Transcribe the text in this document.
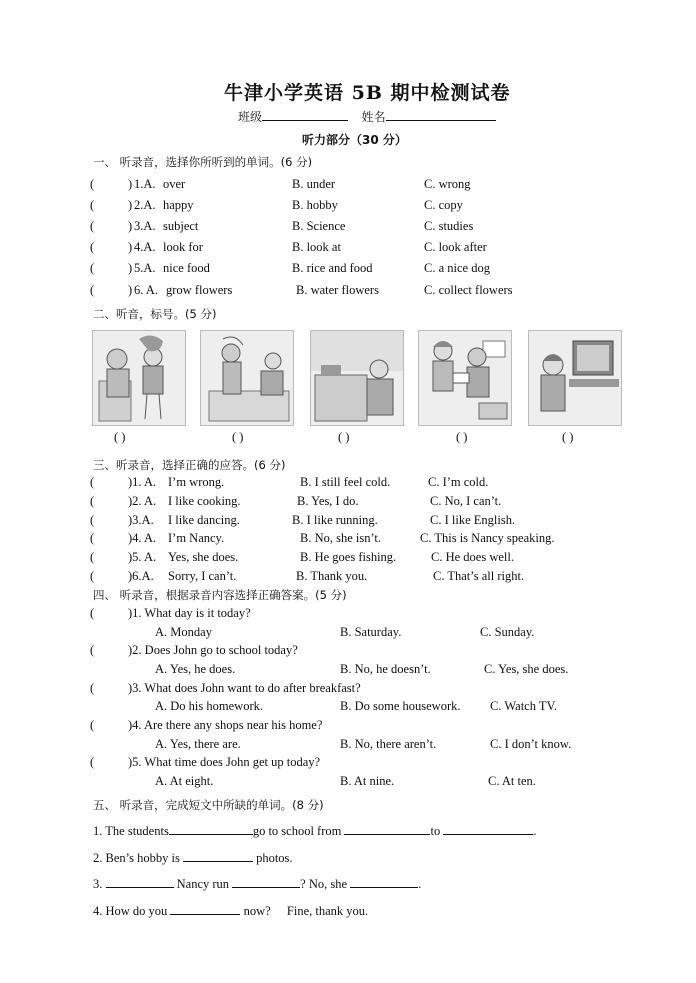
牛津小学英语 5B 期中检测试卷
班级	姓名
听力部分（30 分）
一、 听录音，选择你所听到的单词。(6 分)
(	) 1.A. over	B. under	C. wrong
(	) 2.A. happy	B. hobby	C. copy
(	) 3.A. subject	B. Science	C. studies
(	) 4.A. look for	B. look at	C. look after
(	) 5.A. nice food	B. rice and food	C. a nice dog
(	) 6. A. grow flowers	B. water flowers	C. collect flowers
二、听音，标号。(5 分)
( )	( )	( )	( )	( )
三、听录音，选择正确的应答。(6 分)
(	)1. A. I’m wrong.	B. I still feel cold.	C. I’m cold.
(	)2. A. I like cooking.	B. Yes, I do.	C. No, I can’t.
(	)3.A. I like dancing.	B. I like running.	C. I like English.
(	)4. A. I’m Nancy.	B. No, she isn’t.	C. This is Nancy speaking.
(	)5. A. Yes, she does.	B. He goes fishing.	C. He does well.
(	)6.A. Sorry, I can’t.	B. Thank you.	C. That’s all right.
四、 听录音，根据录音内容选择正确答案。(5 分)
(	)1. What day is it today?
A. Monday	B. Saturday.	C. Sunday.
(	)2. Does John go to school today?
A. Yes, he does.	B. No, he doesn’t.	C. Yes, she does.
(	)3. What does John want to do after breakfast?
A. Do his homework.	B. Do some housework. C. Watch TV.
(	)4. Are there any shops near his home?
A. Yes, there are.	B. No, there aren’t.	C. I don’t know.
(	)5. What time does John get up today?
A. At eight.	B. At nine.	C. At ten.
五、 听录音，完成短文中所缺的单词。(8 分)
1. The students	go to school from	to	.
2. Ben’s hobby is	photos.
3.	Nancy run	? No, she	.
4. How do you	now? Fine, thank you.
